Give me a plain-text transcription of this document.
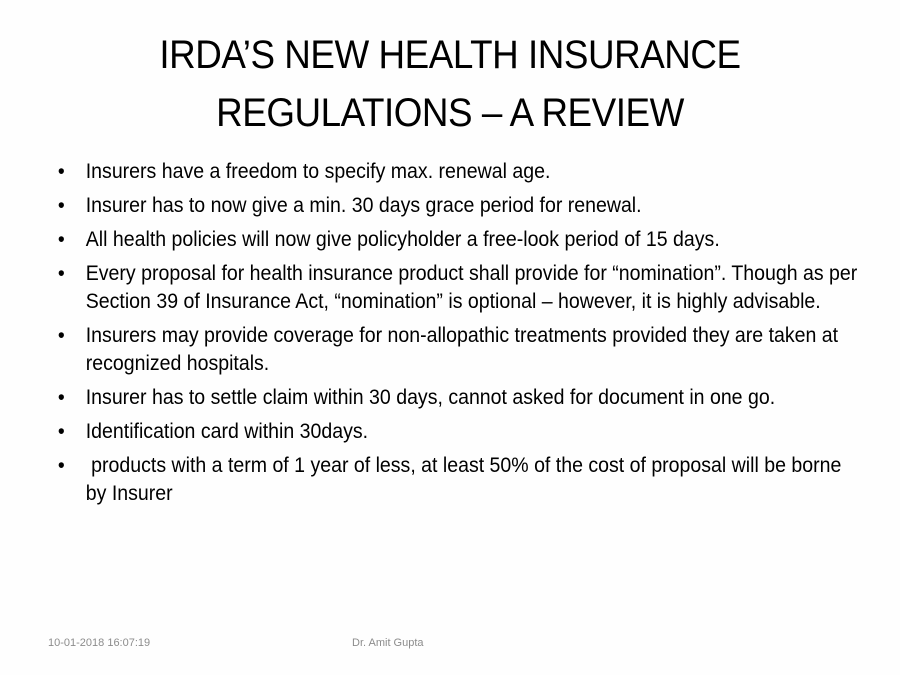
IRDA’S NEW HEALTH INSURANCE
REGULATIONS – A REVIEW
• Insurers have a freedom to specify max. renewal age.
• Insurer has to now give a min. 30 days grace period for renewal.
• All health policies will now give policyholder a free-look period of 15 days.
• Every proposal for health insurance product shall provide for “nomination”. Though as per Section 39 of Insurance Act, “nomination” is optional – however, it is highly advisable.
• Insurers may provide coverage for non-allopathic treatments provided they are taken at recognized hospitals.
• Insurer has to settle claim within 30 days, cannot asked for document in one go.
• Identification card within 30days.
• products with a term of 1 year of less, at least 50% of the cost of proposal will be borne by Insurer
10-01-2018 16:07:19	Dr. Amit Gupta
